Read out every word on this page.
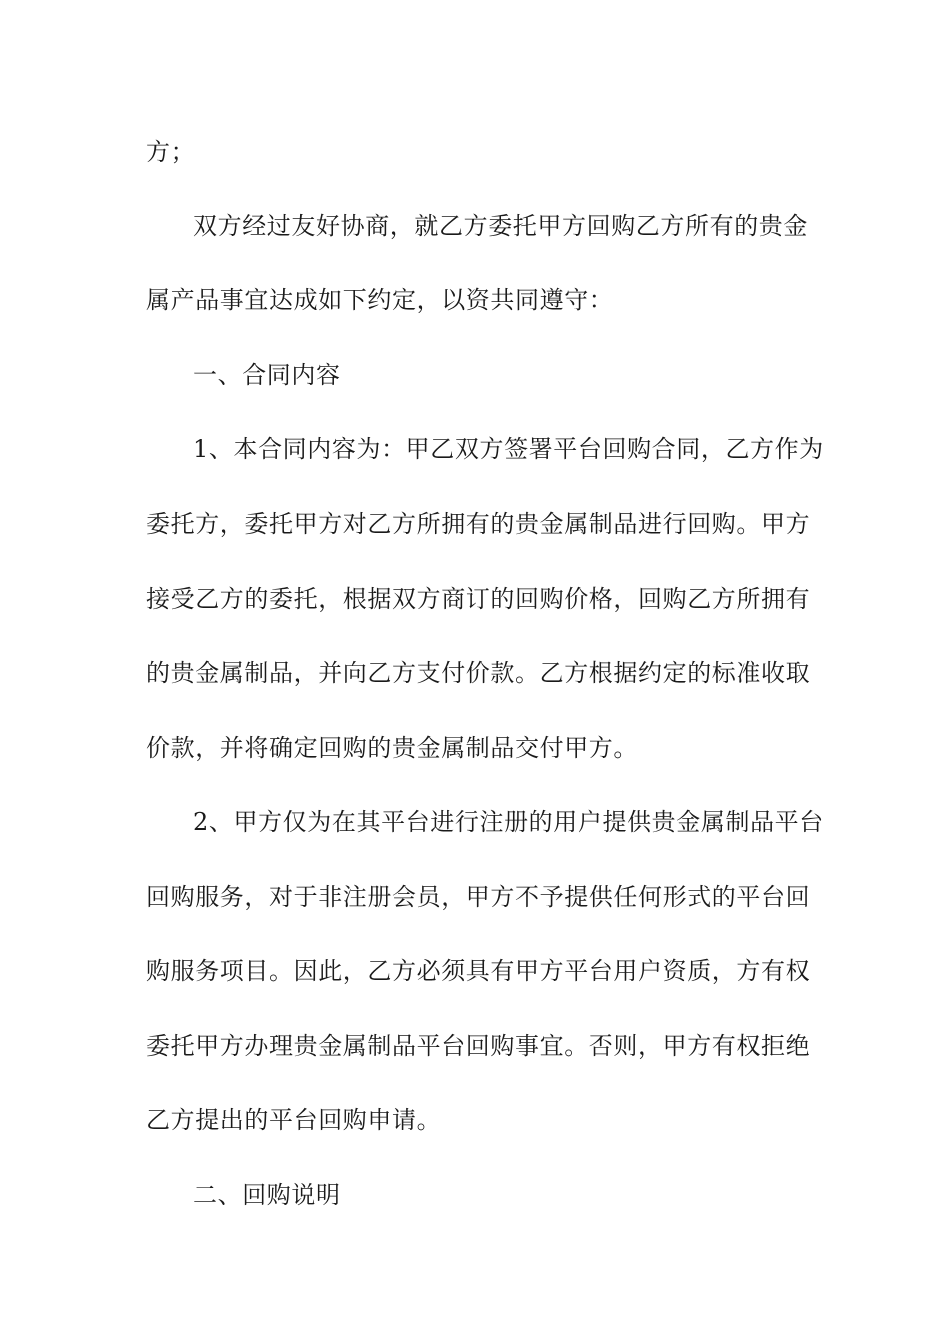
方；
双方经过友好协商，就乙方委托甲方回购乙方所有的贵金
属产品事宜达成如下约定，以资共同遵守：
一、合同内容
1、本合同内容为：甲乙双方签署平台回购合同，乙方作为
委托方，委托甲方对乙方所拥有的贵金属制品进行回购。甲方
接受乙方的委托，根据双方商订的回购价格，回购乙方所拥有
的贵金属制品，并向乙方支付价款。乙方根据约定的标准收取
价款，并将确定回购的贵金属制品交付甲方。
2、甲方仅为在其平台进行注册的用户提供贵金属制品平台
回购服务，对于非注册会员，甲方不予提供任何形式的平台回
购服务项目。因此，乙方必须具有甲方平台用户资质，方有权
委托甲方办理贵金属制品平台回购事宜。否则，甲方有权拒绝
乙方提出的平台回购申请。
二、回购说明
